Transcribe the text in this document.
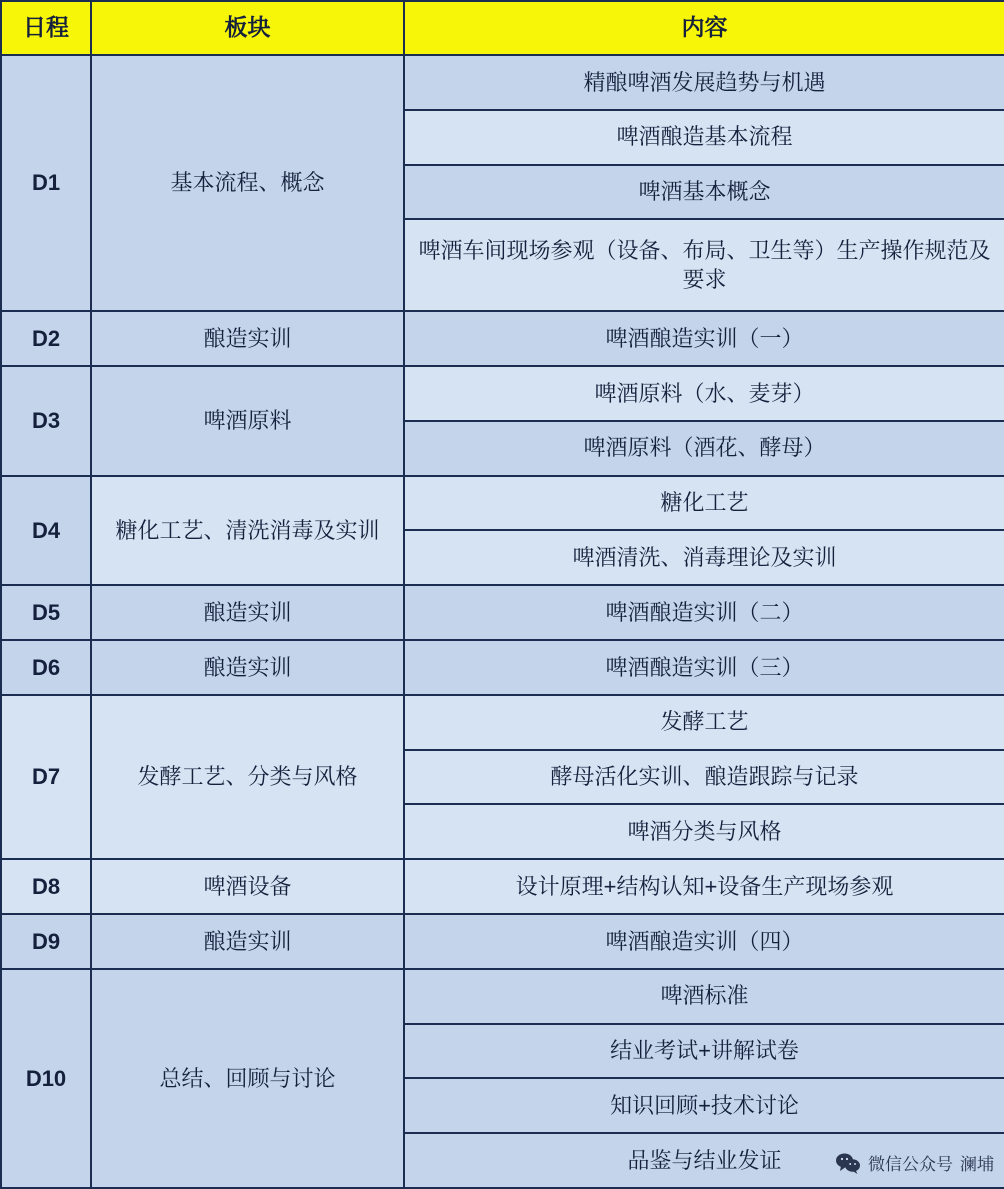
日程	板块	内容
D1	基本流程、概念	精酿啤酒发展趋势与机遇
		啤酒酿造基本流程
		啤酒基本概念
		啤酒车间现场参观（设备、布局、卫生等）生产操作规范及要求
D2	酿造实训	啤酒酿造实训（一）
D3	啤酒原料	啤酒原料（水、麦芽）
		啤酒原料（酒花、酵母）
D4	糖化工艺、清洗消毒及实训	糖化工艺
		啤酒清洗、消毒理论及实训
D5	酿造实训	啤酒酿造实训（二）
D6	酿造实训	啤酒酿造实训（三）
D7	发酵工艺、分类与风格	发酵工艺
		酵母活化实训、酿造跟踪与记录
		啤酒分类与风格
D8	啤酒设备	设计原理+结构认知+设备生产现场参观
D9	酿造实训	啤酒酿造实训（四）
D10	总结、回顾与讨论	啤酒标准
		结业考试+讲解试卷
		知识回顾+技术讨论
		品鉴与结业发证	微信公众号 澜埔
